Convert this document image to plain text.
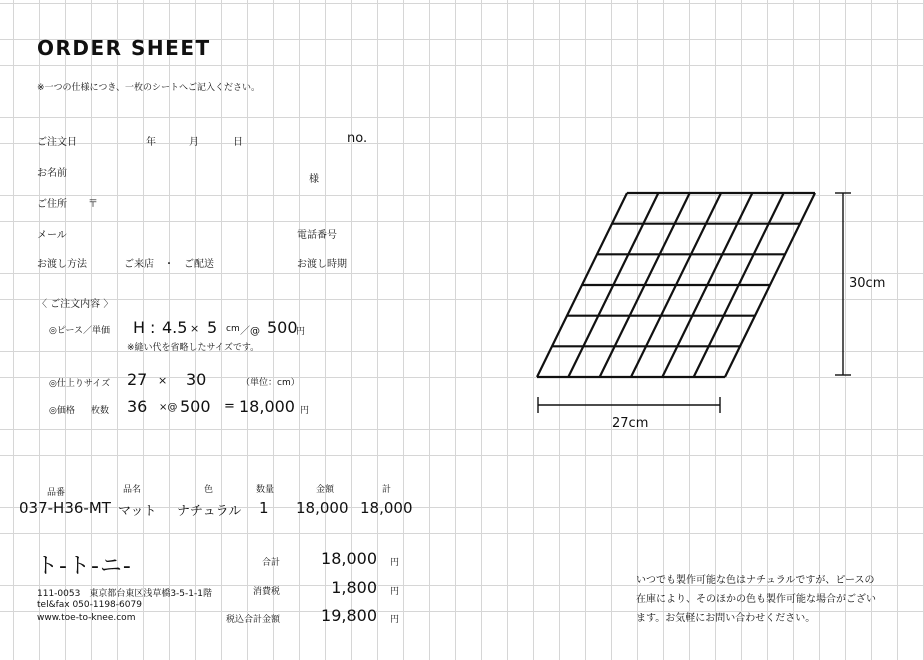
ORDER SHEET
※一つの仕様につき、一枚のシートへご記入ください。
ご注文日	年	月	日	no.
お名前
様
ご住所 〒
メール	電話番号
お渡し方法	ご来店　・　ご配送	お渡し時期
〈 ご注文内容 〉
◎ピース／単価 H : 4.5 × 5 cm ／@ 500
円
※縫い代を省略したサイズです。
◎仕上りサイズ 27 × 30	（単位：cm）
◎価格 枚数 36 ×@ 500 = 18,000 円
品番	品名	色	数量	金額	計
037-H36-MT マット ナチュラル 1 18,000 18,000
ト-ト-ニ-
111-0053　東京都台東区浅草橋3-5-1-1階
tel&fax 050-1198-6079
www.toe-to-knee.com
合計	18,000 円
消費税	1,800 円
税込合計金額	19,800 円
30cm
27cm
いつでも製作可能な色はナチュラルですが、ピースの
在庫により、そのほかの色も製作可能な場合がござい
ます。お気軽にお問い合わせください。
